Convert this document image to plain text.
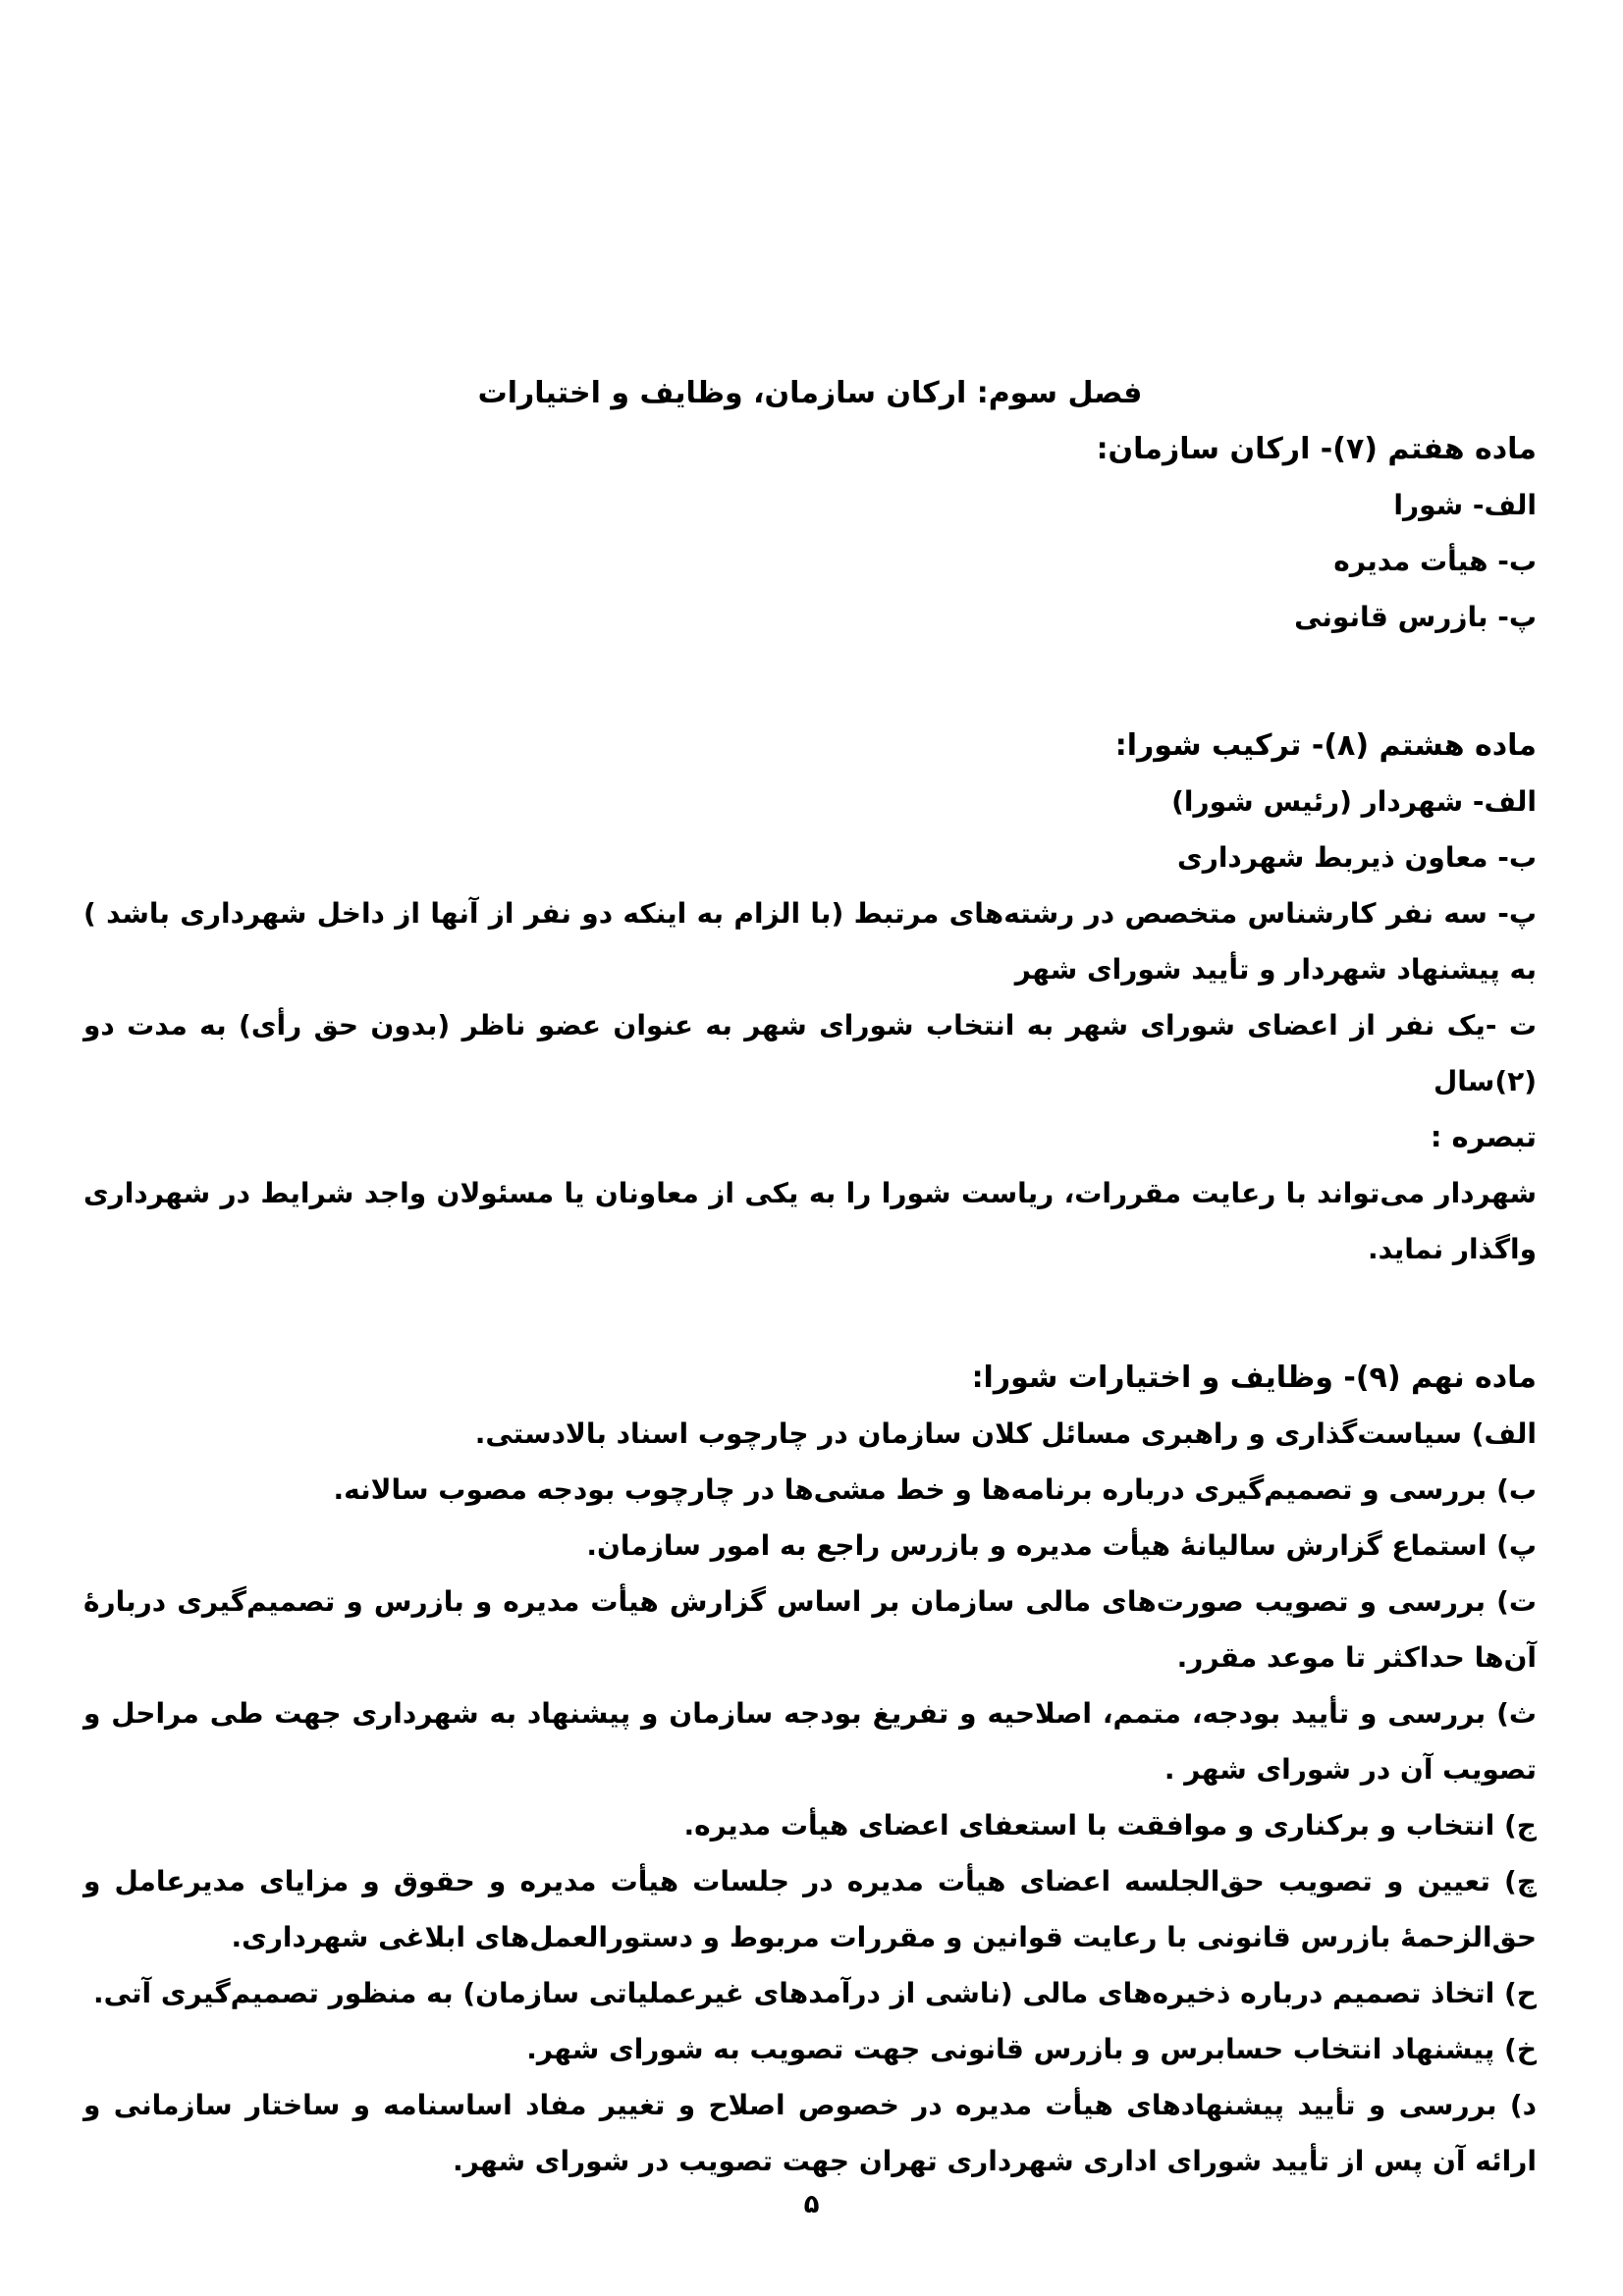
فصل سوم: ارکان سازمان، وظایف و اختیارات
ماده هفتم (۷)- ارکان سازمان:
الف- شورا
ب- هیأت مدیره
پ- بازرس قانونی
ماده هشتم (۸)- ترکیب شورا:
الف- شهردار (رئیس شورا)
ب- معاون ذیربط شهرداری
پ- سه نفر کارشناس متخصص در رشته‌های مرتبط (با الزام به اینکه دو نفر از آنها از داخل شهرداری باشد ) به پیشنهاد شهردار و تأیید شورای شهر
ت -یک نفر از اعضای شورای شهر به انتخاب شورای شهر به عنوان عضو ناظر (بدون حق رأی) به مدت دو (۲)سال
تبصره :
شهردار می‌تواند با رعایت مقررات، ریاست شورا را به یکی از معاونان یا مسئولان واجد شرایط در شهرداری واگذار نماید.
ماده نهم (۹)- وظایف و اختیارات شورا:
الف) سیاست‌گذاری و راهبری مسائل کلان سازمان در چارچوب اسناد بالادستی.
ب) بررسی و تصمیم‌گیری درباره برنامه‌ها و خط مشی‌ها در چارچوب بودجه مصوب سالانه.
پ) استماع گزارش سالیانهٔ هیأت مدیره و بازرس راجع به امور سازمان.
ت) بررسی و تصویب صورت‌های مالی سازمان بر اساس گزارش هیأت مدیره و بازرس و تصمیم‌گیری دربارهٔ آن‌ها حداکثر تا موعد مقرر.
ث) بررسی و تأیید بودجه، متمم، اصلاحیه و تفریغ بودجه سازمان و پیشنهاد به شهرداری جهت طی مراحل و تصویب آن در شورای شهر .
ج) انتخاب و برکناری و موافقت با استعفای اعضای هیأت مدیره.
چ) تعیین و تصویب حق‌الجلسه اعضای هیأت مدیره در جلسات هیأت مدیره و حقوق و مزایای مدیرعامل و حق‌الزحمهٔ بازرس قانونی با رعایت قوانین و مقررات مربوط و دستورالعمل‌های ابلاغی شهرداری.
ح) اتخاذ تصمیم درباره ذخیره‌های مالی (ناشی از درآمدهای غیرعملیاتی سازمان) به منظور تصمیم‌گیری آتی.
خ) پیشنهاد انتخاب حسابرس و بازرس قانونی جهت تصویب به شورای شهر.
د) بررسی و تأیید پیشنهادهای هیأت مدیره در خصوص اصلاح و تغییر مفاد اساسنامه و ساختار سازمانی و ارائه آن پس از تأیید شورای اداری شهرداری تهران جهت تصویب در شورای شهر.
۵
